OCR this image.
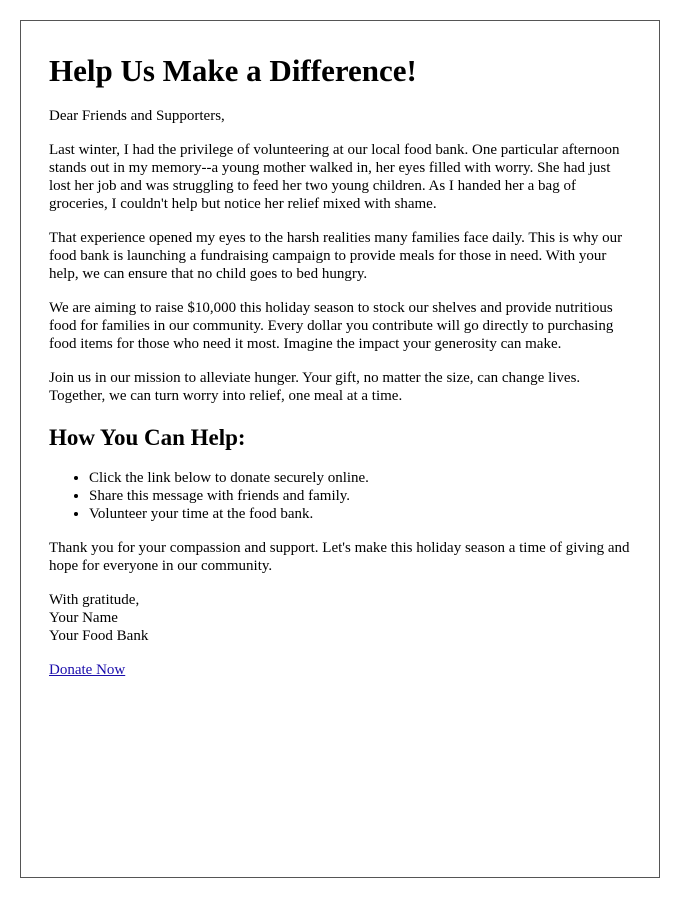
Help Us Make a Difference!

Dear Friends and Supporters,

Last winter, I had the privilege of volunteering at our local food bank. One particular afternoon stands out in my memory--a young mother walked in, her eyes filled with worry. She had just lost her job and was struggling to feed her two young children. As I handed her a bag of groceries, I couldn't help but notice her relief mixed with shame.

That experience opened my eyes to the harsh realities many families face daily. This is why our food bank is launching a fundraising campaign to provide meals for those in need. With your help, we can ensure that no child goes to bed hungry.

We are aiming to raise $10,000 this holiday season to stock our shelves and provide nutritious food for families in our community. Every dollar you contribute will go directly to purchasing food items for those who need it most. Imagine the impact your generosity can make.

Join us in our mission to alleviate hunger. Your gift, no matter the size, can change lives. Together, we can turn worry into relief, one meal at a time.

How You Can Help:
• Click the link below to donate securely online.
• Share this message with friends and family.
• Volunteer your time at the food bank.

Thank you for your compassion and support. Let's make this holiday season a time of giving and hope for everyone in our community.

With gratitude,
Your Name
Your Food Bank
Donate Now
